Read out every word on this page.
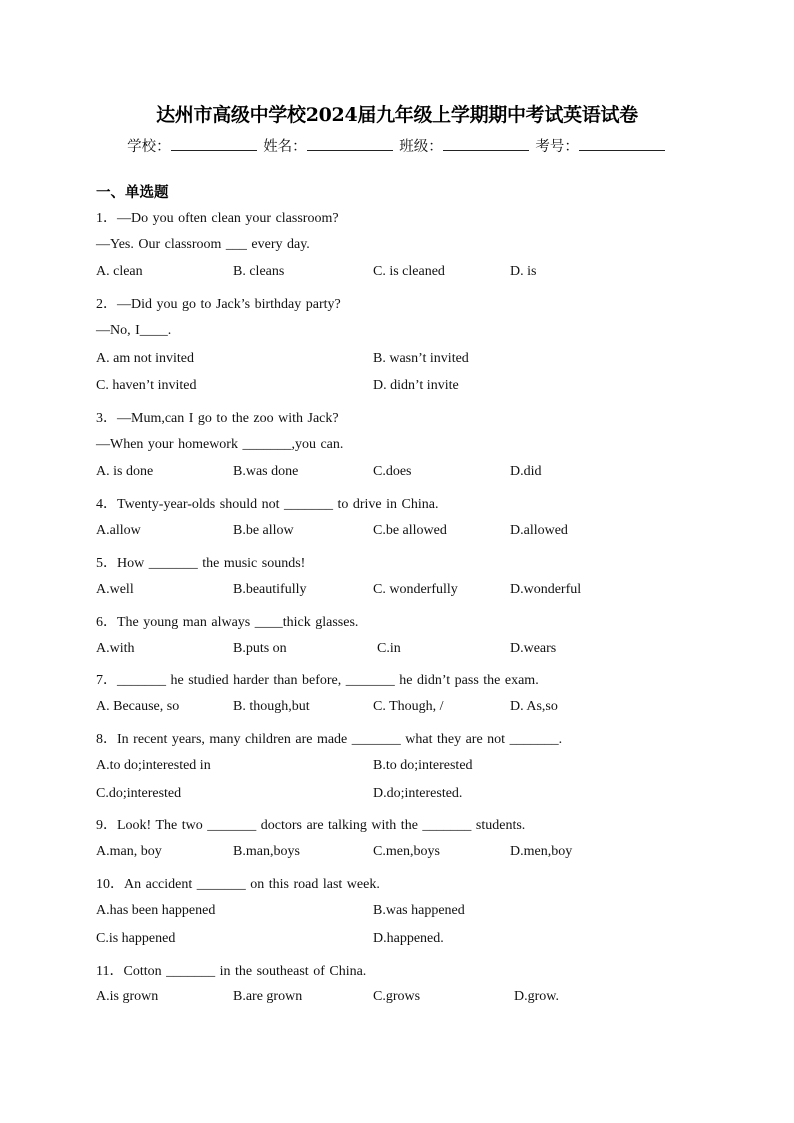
达州市高级中学校2024届九年级上学期期中考试英语试卷
学校：	姓名：	班级：	考号：
一、单选题
1．—Do you often clean your classroom?
—Yes. Our classroom ___ every day.
A. clean	B. cleans	C. is cleaned	D. is
2．—Did you go to Jack’s birthday party?
—No, I____.
A. am not invited	B. wasn’t invited
C. haven’t invited	D. didn’t invite
3．—Mum,can I go to the zoo with Jack?
—When your homework _______,you can.
A. is done	B.was done	C.does	D.did
4．Twenty-year-olds should not _______ to drive in China.
A.allow	B.be allow	C.be allowed	D.allowed
5．How _______ the music sounds!
A.well	B.beautifully	C. wonderfully	D.wonderful
6．The young man always ____thick glasses.
A.with	B.puts on	C.in	D.wears
7．_______ he studied harder than before, _______ he didn’t pass the exam.
A. Because, so	B. though,but	C. Though, /	D. As,so
8．In recent years, many children are made _______ what they are not _______.
A.to do;interested in	B.to do;interested
C.do;interested	D.do;interested.
9．Look! The two _______ doctors are talking with the _______ students.
A.man, boy	B.man,boys	C.men,boys	D.men,boy
10．An accident _______ on this road last week.
A.has been happened	B.was happened
C.is happened	D.happened.
11．Cotton _______ in the southeast of China.
A.is grown	B.are grown	C.grows	D.grow.
